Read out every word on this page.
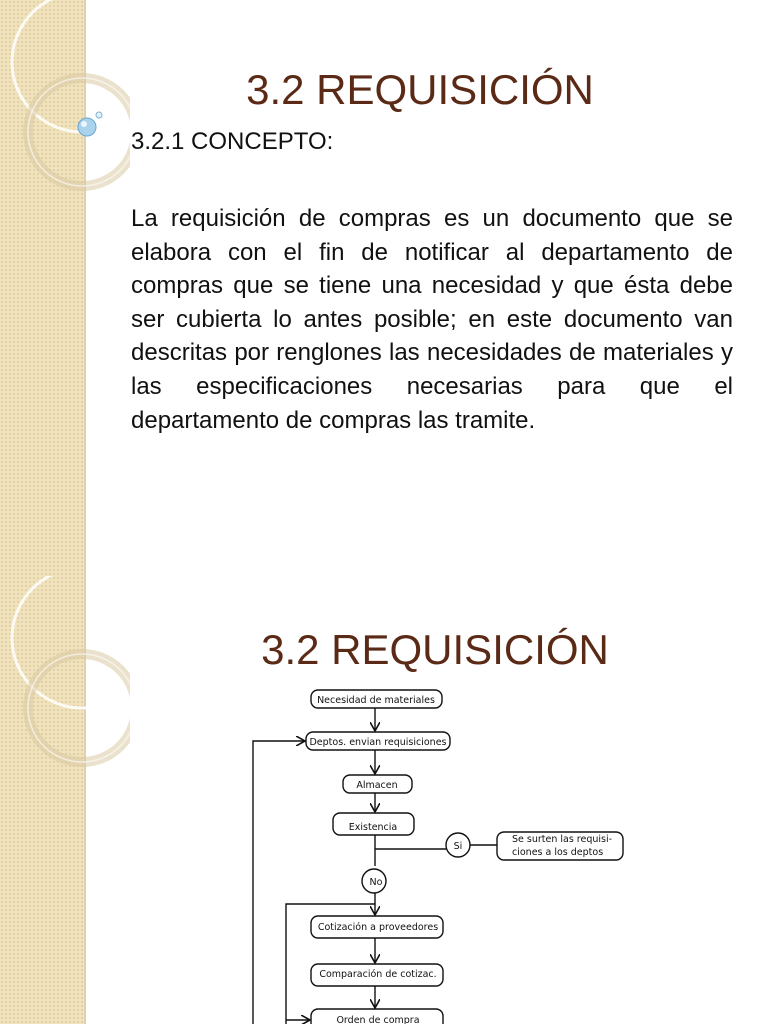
3.2 REQUISICIÓN

3.2.1 CONCEPTO:

La requisición de compras es un documento que se elabora con el fin de notificar al departamento de compras que se tiene una necesidad y que ésta debe ser cubierta lo antes posible; en este documento van descritas por renglones las necesidades de materiales y las especificaciones necesarias para que el departamento de compras las tramite.

3.2 REQUISICIÓN
Necesidad de materiales
Deptos. envian requisiciones
Almacen
Existencia
Si
Se surten las requisi-
ciones a los deptos
No
Cotización a proveedores
Comparación de cotizac.
Orden de compra
